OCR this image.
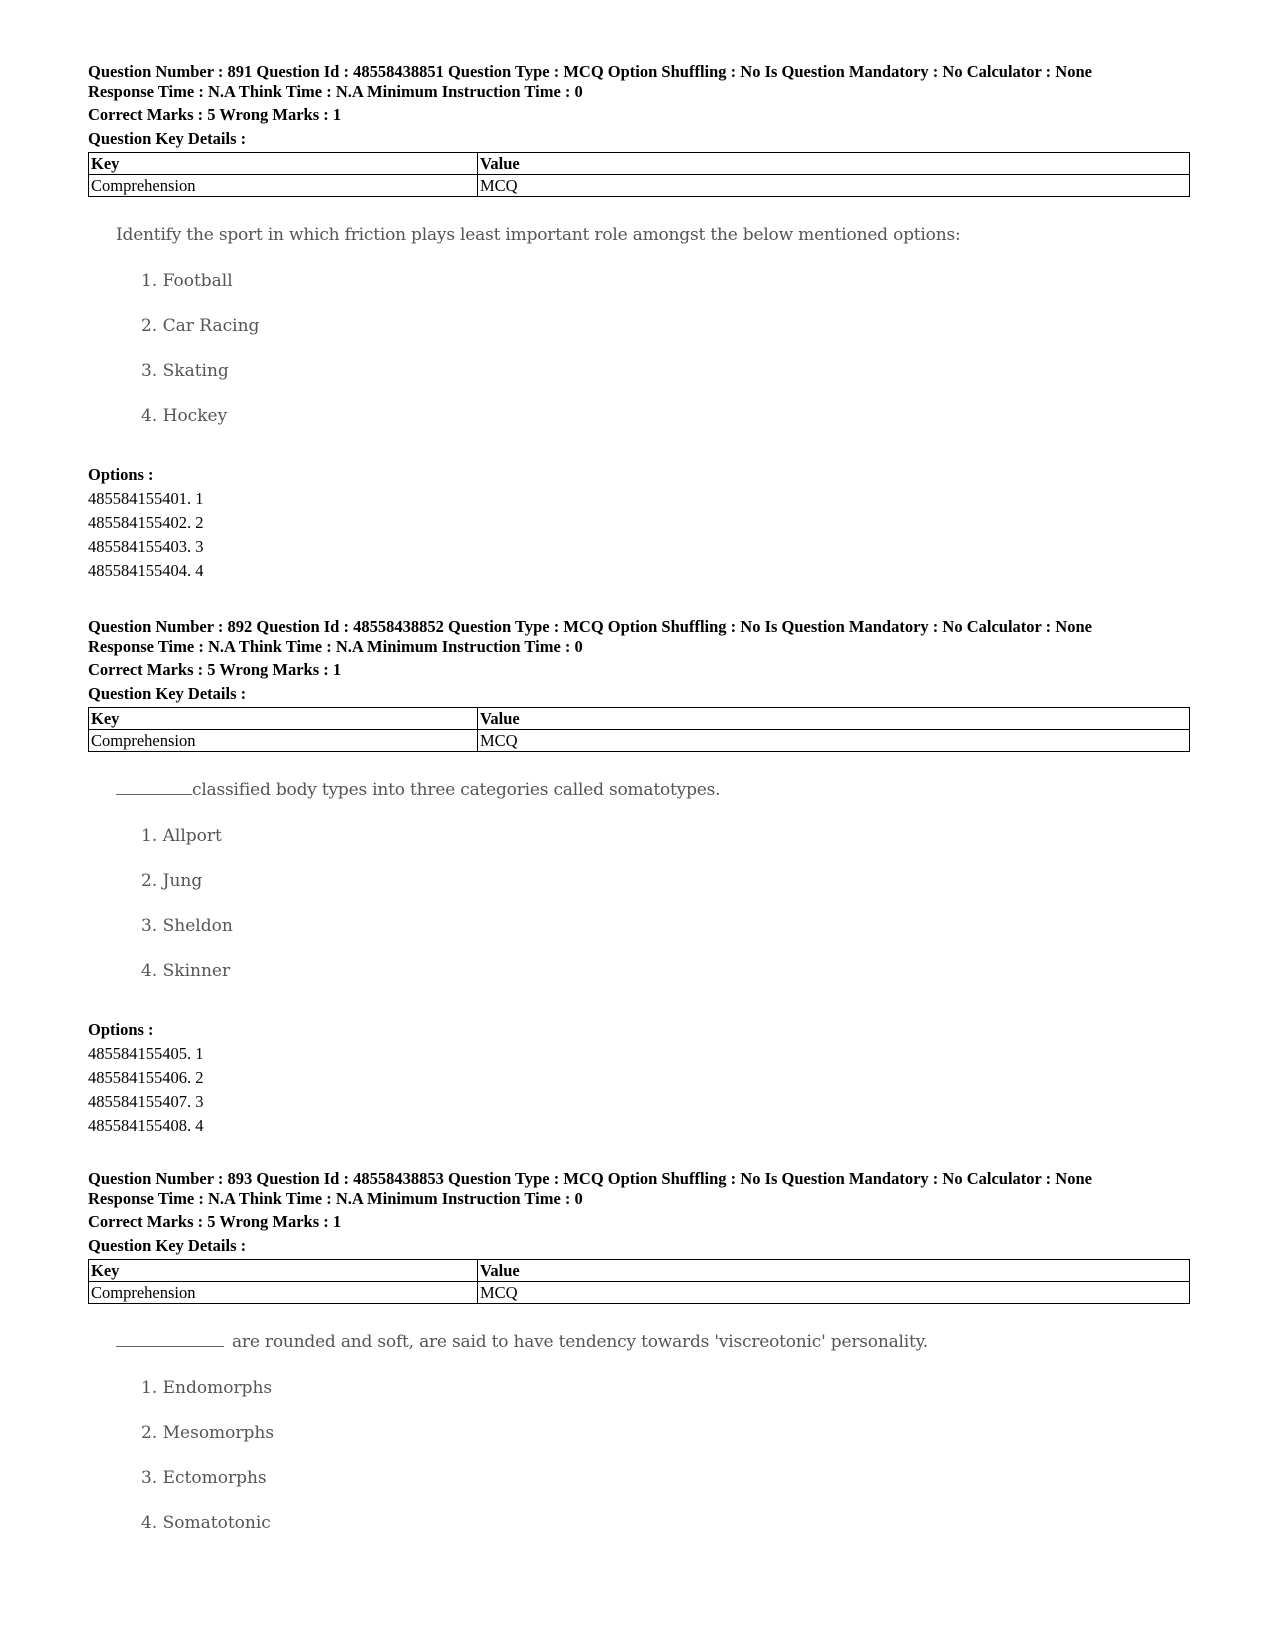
Question Number : 891 Question Id : 48558438851 Question Type : MCQ Option Shuffling : No Is Question Mandatory : No Calculator : None
Response Time : N.A Think Time : N.A Minimum Instruction Time : 0
Correct Marks : 5 Wrong Marks : 1
Question Key Details :
Key	Value
Comprehension	MCQ
Identify the sport in which friction plays least important role amongst the below mentioned options:
1. Football
2. Car Racing
3. Skating
4. Hockey
Options :
485584155401. 1
485584155402. 2
485584155403. 3
485584155404. 4
Question Number : 892 Question Id : 48558438852 Question Type : MCQ Option Shuffling : No Is Question Mandatory : No Calculator : None
Response Time : N.A Think Time : N.A Minimum Instruction Time : 0
Correct Marks : 5 Wrong Marks : 1
Question Key Details :
Key	Value
Comprehension	MCQ
classified body types into three categories called somatotypes.
1. Allport
2. Jung
3. Sheldon
4. Skinner
Options :
485584155405. 1
485584155406. 2
485584155407. 3
485584155408. 4
Question Number : 893 Question Id : 48558438853 Question Type : MCQ Option Shuffling : No Is Question Mandatory : No Calculator : None
Response Time : N.A Think Time : N.A Minimum Instruction Time : 0
Correct Marks : 5 Wrong Marks : 1
Question Key Details :
Key	Value
Comprehension	MCQ
are rounded and soft, are said to have tendency towards 'viscreotonic' personality.
1. Endomorphs
2. Mesomorphs
3. Ectomorphs
4. Somatotonic
